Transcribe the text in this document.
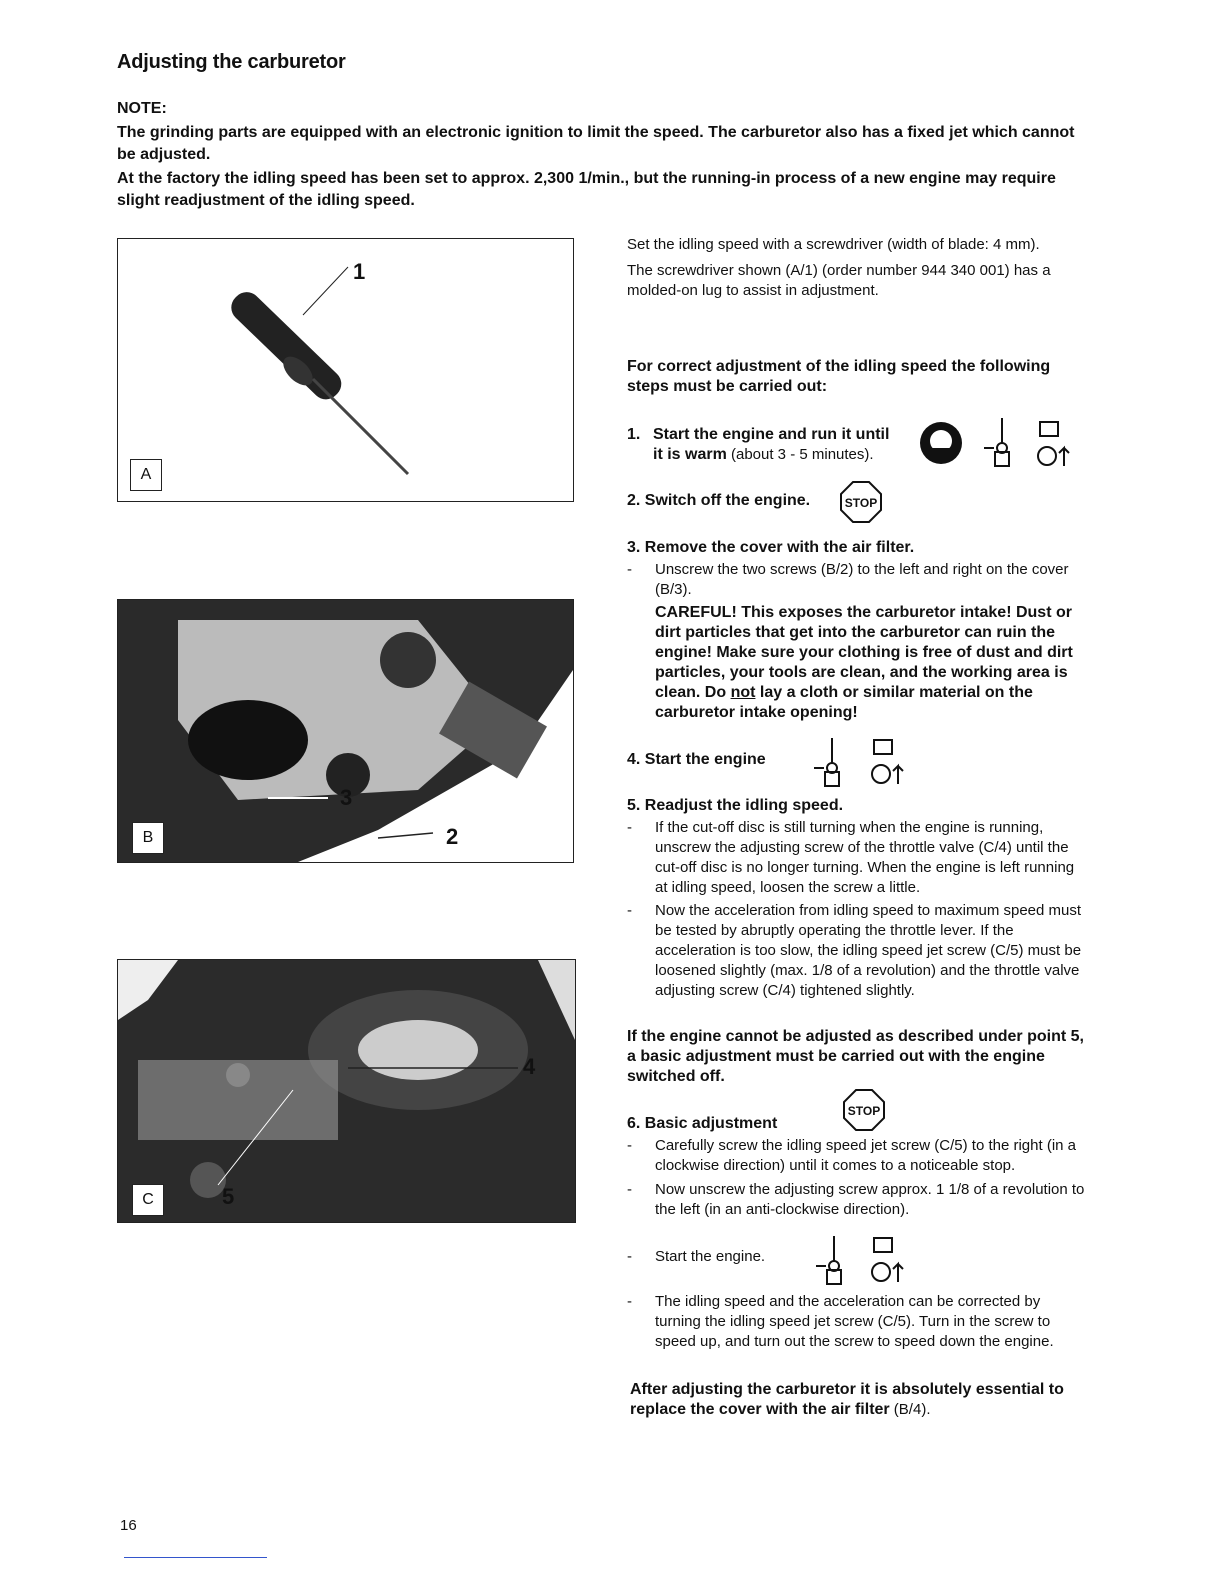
Adjusting the carburetor
NOTE:
The grinding parts are equipped with an electronic ignition to limit the speed. The carburetor also has a fixed jet which cannot be adjusted.
At the factory the idling speed has been set to approx. 2,300 1/min., but the running-in process of a new engine may require slight readjustment of the idling speed.
A
1
B
3
2
C
4
5
Set the idling speed with a screwdriver (width of blade: 4 mm).
The screwdriver shown (A/1) (order number 944 340 001) has a molded-on lug to assist in adjustment.
For correct adjustment of the idling speed the following steps must be carried out:
1. Start the engine and run it until
it is warm (about 3 - 5 minutes).
2. Switch off the engine.	STOP
3. Remove the cover with the air filter.
-	Unscrew the two screws (B/2) to the left and right on the cover (B/3).
CAREFUL! This exposes the carburetor intake! Dust or dirt particles that get into the carburetor can ruin the engine! Make sure your clothing is free of dust and dirt particles, your tools are clean, and the working area is clean. Do not lay a cloth or similar material on the carburetor intake opening!
4. Start the engine
5. Readjust the idling speed.
-	If the cut-off disc is still turning when the engine is running, unscrew the adjusting screw of the throttle valve (C/4) until the cut-off disc is no longer turning. When the engine is left running at idling speed, loosen the screw a little.
-	Now the acceleration from idling speed to maximum speed must be tested by abruptly operating the throttle lever. If the acceleration is too slow, the idling speed jet screw (C/5) must be loosened slightly (max. 1/8 of a revolution) and the throttle valve adjusting screw (C/4) tightened slightly.
If the engine cannot be adjusted as described under point 5, a basic adjustment must be carried out with the engine switched off.
6. Basic adjustment
STOP
-	Carefully screw the idling speed jet screw (C/5) to the right (in a clockwise direction) until it comes to a noticeable stop.
-	Now unscrew the adjusting screw approx. 1 1/8 of a revolution to the left (in an anti-clockwise direction).
-	Start the engine.
-	The idling speed and the acceleration can be corrected by turning the idling speed jet screw (C/5). Turn in the screw to speed up, and turn out the screw to speed down the engine.
After adjusting the carburetor it is absolutely essential to replace the cover with the air filter (B/4).
16
